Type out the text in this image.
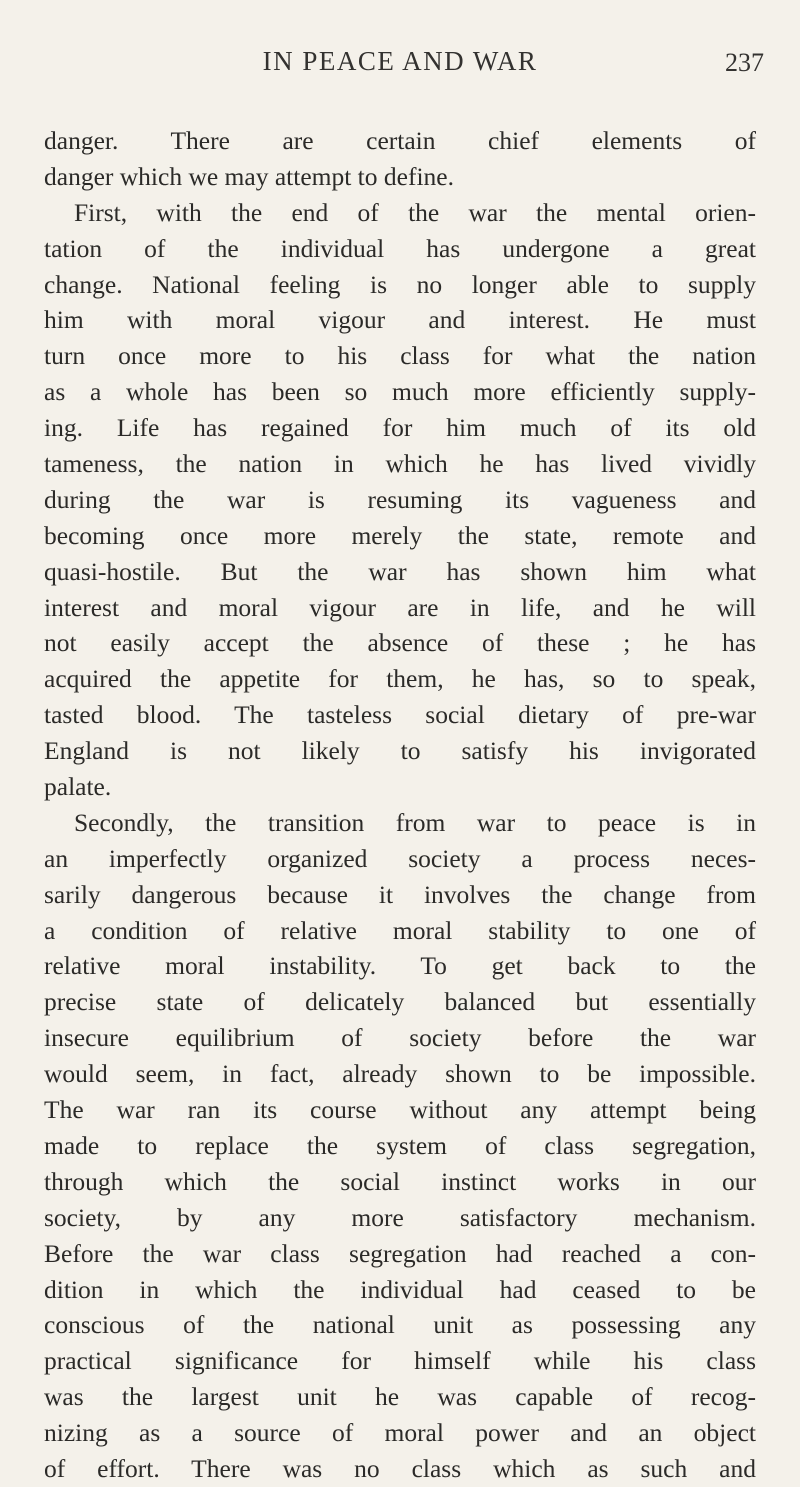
IN PEACE AND WAR	237
danger. There are certain chief elements of
danger which we may attempt to define.
First, with the end of the war the mental orien-
tation of the individual has undergone a great
change. National feeling is no longer able to supply
him with moral vigour and interest. He must
turn once more to his class for what the nation
as a whole has been so much more efficiently supply-
ing. Life has regained for him much of its old
tameness, the nation in which he has lived vividly
during the war is resuming its vagueness and
becoming once more merely the state, remote and
quasi-hostile. But the war has shown him what
interest and moral vigour are in life, and he will
not easily accept the absence of these ; he has
acquired the appetite for them, he has, so to speak,
tasted blood. The tasteless social dietary of pre-war
England is not likely to satisfy his invigorated
palate.
Secondly, the transition from war to peace is in
an imperfectly organized society a process neces-
sarily dangerous because it involves the change from
a condition of relative moral stability to one of
relative moral instability. To get back to the
precise state of delicately balanced but essentially
insecure equilibrium of society before the war
would seem, in fact, already shown to be impossible.
The war ran its course without any attempt being
made to replace the system of class segregation,
through which the social instinct works in our
society, by any more satisfactory mechanism.
Before the war class segregation had reached a con-
dition in which the individual had ceased to be
conscious of the national unit as possessing any
practical significance for himself while his class
was the largest unit he was capable of recog-
nizing as a source of moral power and an object
of effort. There was no class which as such and
